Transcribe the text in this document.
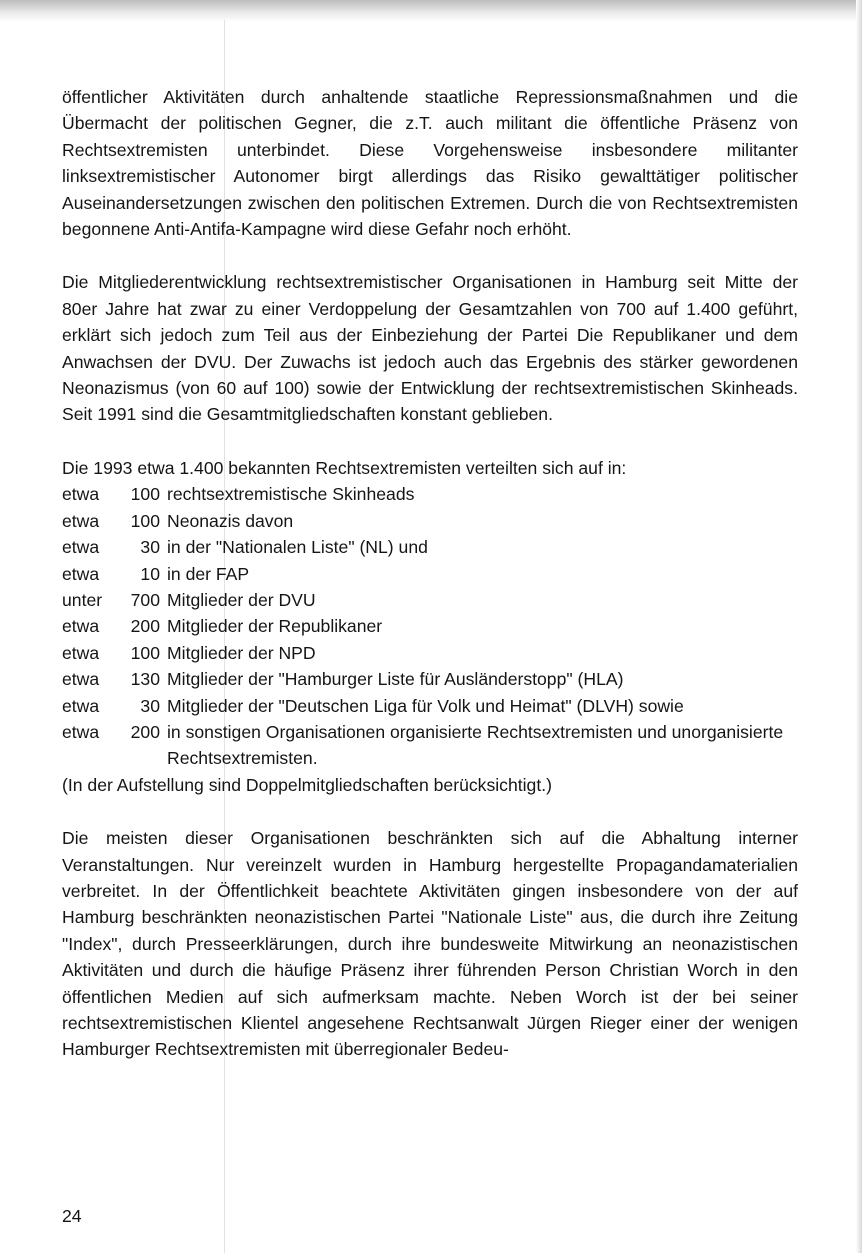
öffentlicher Aktivitäten durch anhaltende staatliche Repressionsmaßnahmen und die Übermacht der politischen Gegner, die z.T. auch militant die öffentliche Präsenz von Rechtsextremisten unterbindet. Diese Vorgehensweise insbesondere militanter linksextremistischer Autonomer birgt allerdings das Risiko gewalttätiger politischer Auseinandersetzungen zwischen den politischen Extremen. Durch die von Rechtsextremisten begonnene Anti-Antifa-Kampagne wird diese Gefahr noch erhöht.

Die Mitgliederentwicklung rechtsextremistischer Organisationen in Hamburg seit Mitte der 80er Jahre hat zwar zu einer Verdoppelung der Gesamtzahlen von 700 auf 1.400 geführt, erklärt sich jedoch zum Teil aus der Einbeziehung der Partei Die Republikaner und dem Anwachsen der DVU. Der Zuwachs ist jedoch auch das Ergebnis des stärker gewordenen Neonazismus (von 60 auf 100) sowie der Entwicklung der rechtsextremistischen Skinheads. Seit 1991 sind die Gesamtmitgliedschaften konstant geblieben.

Die 1993 etwa 1.400 bekannten Rechtsextremisten verteilten sich auf in:

etwa	100 rechtsextremistische Skinheads
etwa	100 Neonazis davon
etwa	30 in der "Nationalen Liste" (NL) und
etwa	10 in der FAP
unter	700 Mitglieder der DVU
etwa	200 Mitglieder der Republikaner
etwa	100 Mitglieder der NPD
etwa	130 Mitglieder der "Hamburger Liste für Ausländerstopp" (HLA)
etwa	30 Mitglieder der "Deutschen Liga für Volk und Heimat" (DLVH) sowie
etwa	200 in sonstigen Organisationen organisierte Rechtsextremisten und unorganisierte Rechtsextremisten.

(In der Aufstellung sind Doppelmitgliedschaften berücksichtigt.)

Die meisten dieser Organisationen beschränkten sich auf die Abhaltung interner Veranstaltungen. Nur vereinzelt wurden in Hamburg hergestellte Propagandamaterialien verbreitet. In der Öffentlichkeit beachtete Aktivitäten gingen insbesondere von der auf Hamburg beschränkten neonazistischen Partei "Nationale Liste" aus, die durch ihre Zeitung "Index", durch Presseerklärungen, durch ihre bundesweite Mitwirkung an neonazistischen Aktivitäten und durch die häufige Präsenz ihrer führenden Person Christian Worch in den öffentlichen Medien auf sich aufmerksam machte. Neben Worch ist der bei seiner rechtsextremistischen Klientel angesehene Rechtsanwalt Jürgen Rieger einer der wenigen Hamburger Rechtsextremisten mit überregionaler Bedeu-

24
